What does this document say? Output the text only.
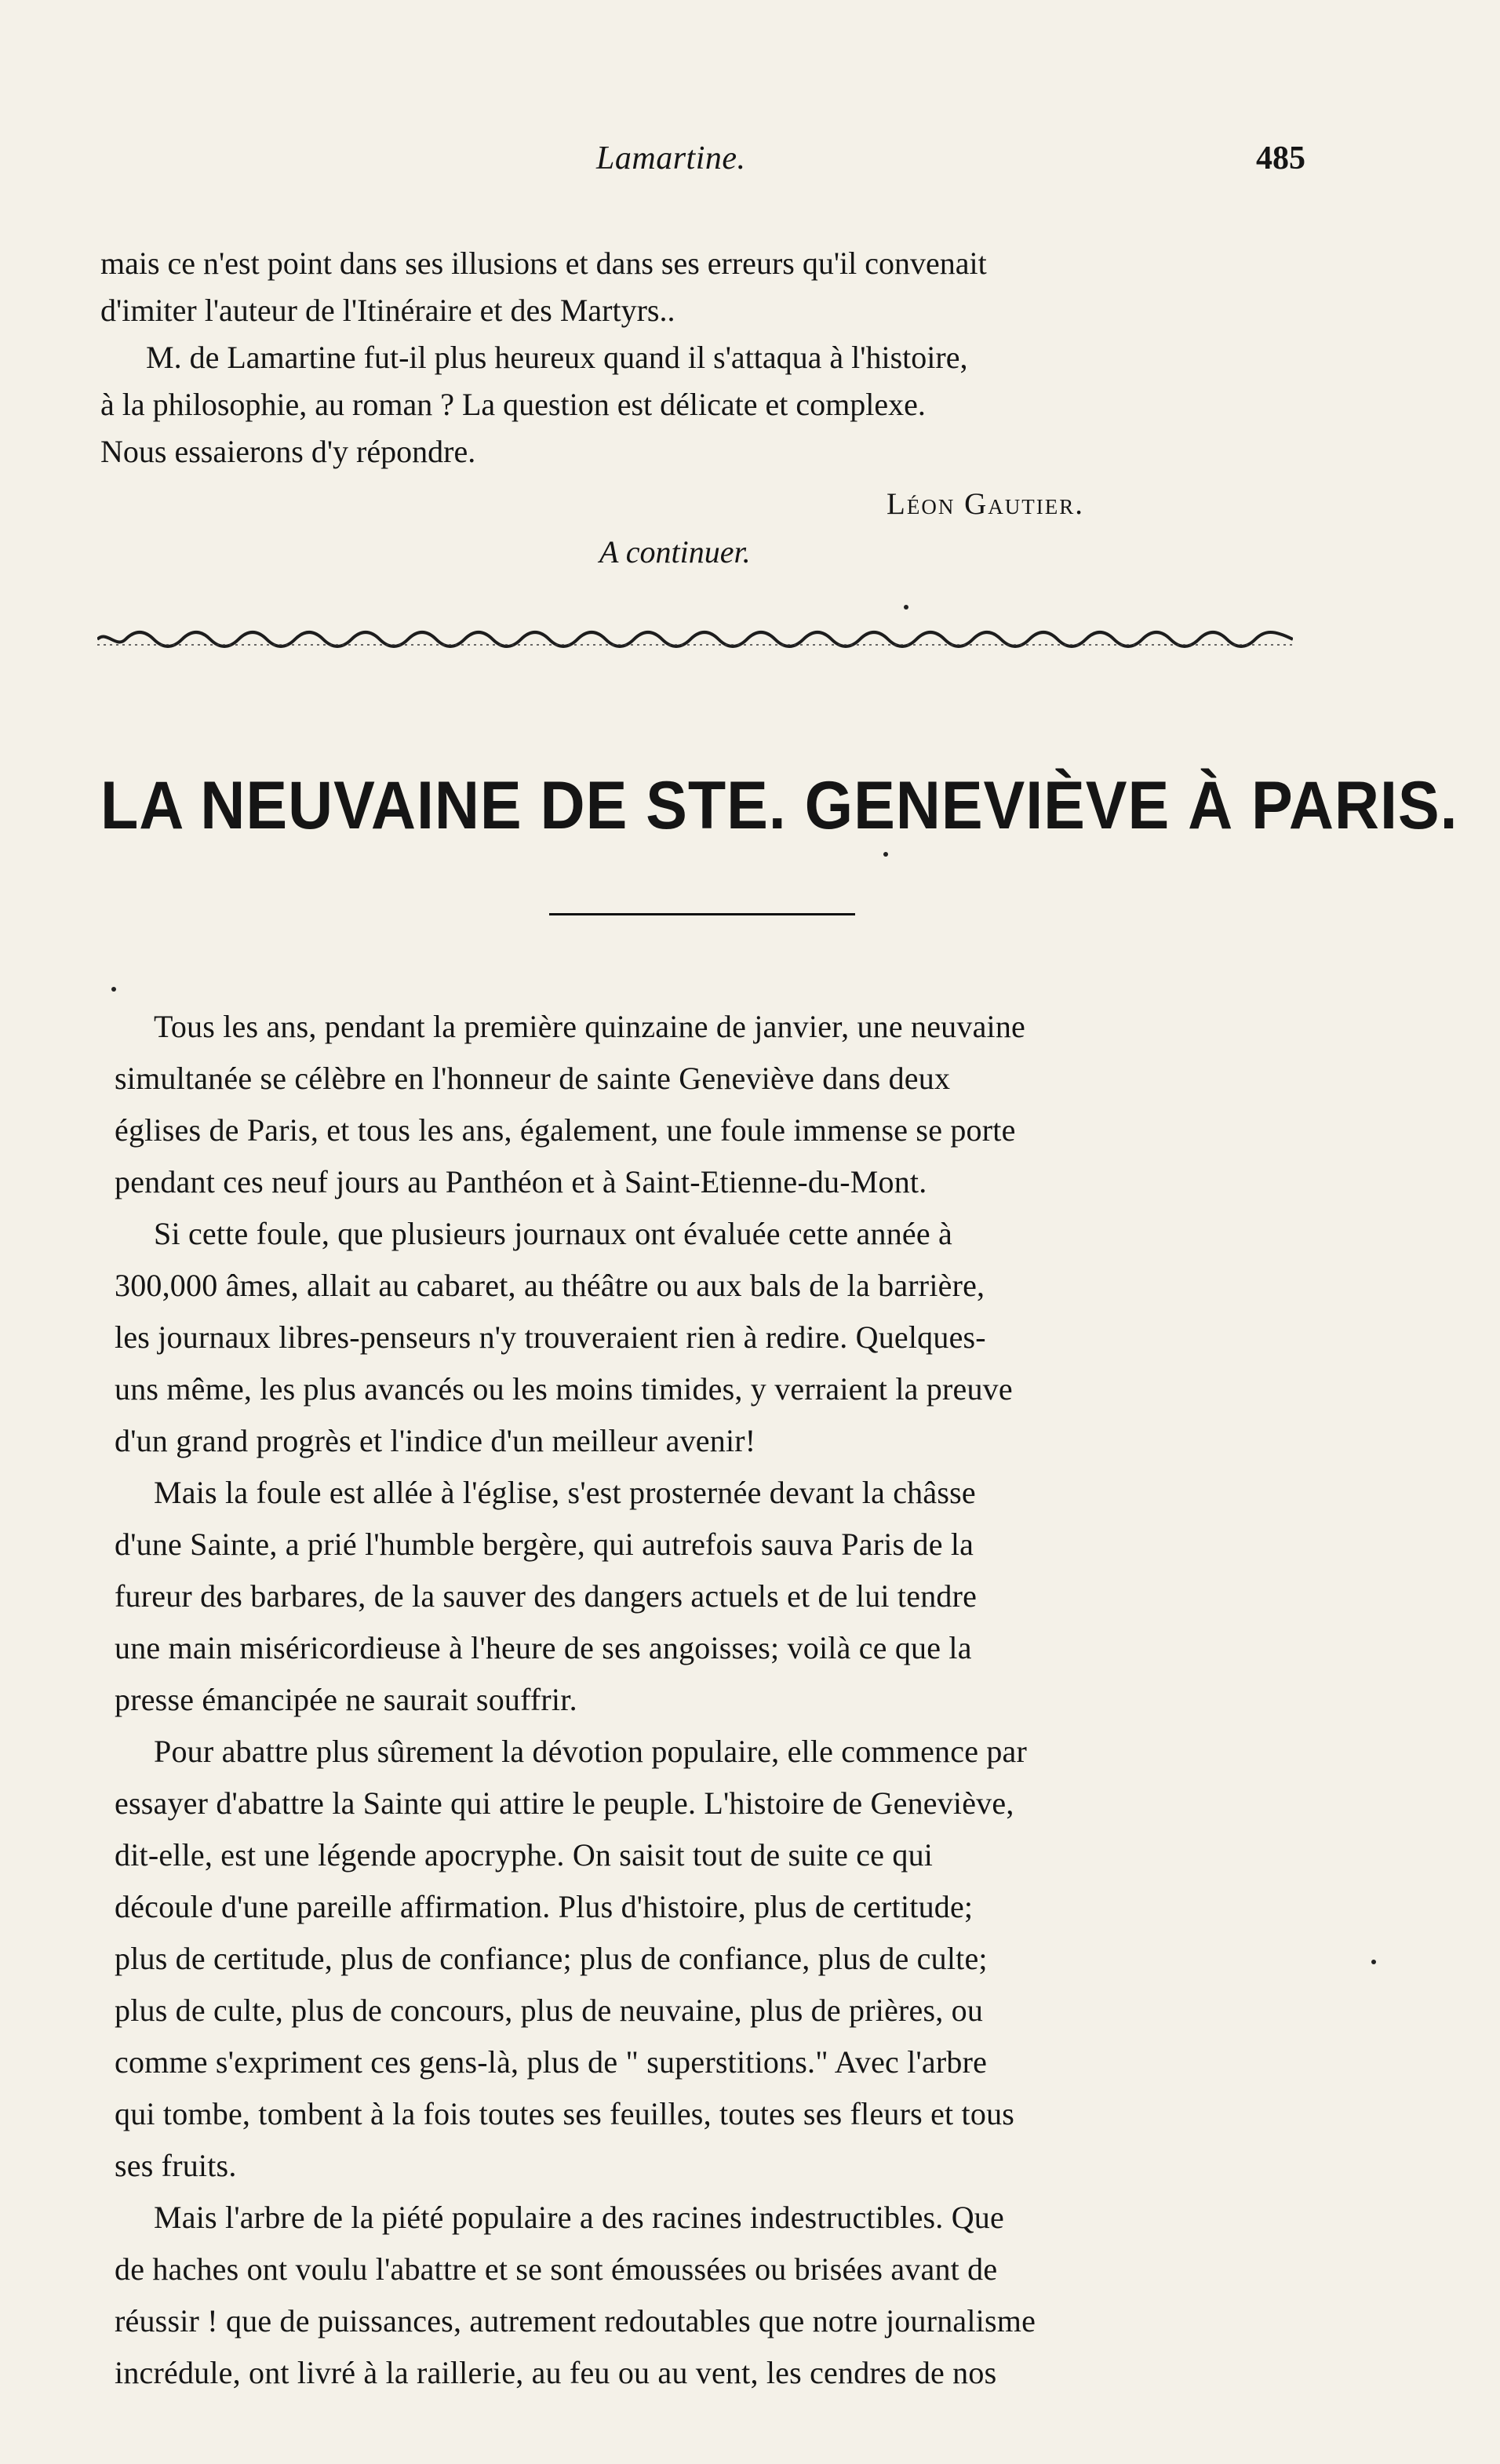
Lamartine.	485

mais ce n'est point dans ses illusions et dans ses erreurs qu'il convenait

d'imiter l'auteur de l'Itinéraire et des Martyrs..

M. de Lamartine fut-il plus heureux quand il s'attaqua à l'histoire,

à la philosophie, au roman ? La question est délicate et complexe.

Nous essaierons d'y répondre.

Léon Gautier.
A continuer.
LA NEUVAINE DE STE. GENEVIÈVE À PARIS.

Tous les ans, pendant la première quinzaine de janvier, une neuvaine
simultanée se célèbre en l'honneur de sainte Geneviève dans deux
églises de Paris, et tous les ans, également, une foule immense se porte
pendant ces neuf jours au Panthéon et à Saint-Etienne-du-Mont.

Si cette foule, que plusieurs journaux ont évaluée cette année à
300,000 âmes, allait au cabaret, au théâtre ou aux bals de la barrière,
les journaux libres-penseurs n'y trouveraient rien à redire. Quelques-
uns même, les plus avancés ou les moins timides, y verraient la preuve
d'un grand progrès et l'indice d'un meilleur avenir!

Mais la foule est allée à l'église, s'est prosternée devant la châsse
d'une Sainte, a prié l'humble bergère, qui autrefois sauva Paris de la
fureur des barbares, de la sauver des dangers actuels et de lui tendre
une main miséricordieuse à l'heure de ses angoisses; voilà ce que la
presse émancipée ne saurait souffrir.

Pour abattre plus sûrement la dévotion populaire, elle commence par
essayer d'abattre la Sainte qui attire le peuple. L'histoire de Geneviève,
dit-elle, est une légende apocryphe. On saisit tout de suite ce qui
découle d'une pareille affirmation. Plus d'histoire, plus de certitude;
plus de certitude, plus de confiance; plus de confiance, plus de culte;
plus de culte, plus de concours, plus de neuvaine, plus de prières, ou
comme s'expriment ces gens-là, plus de " superstitions." Avec l'arbre
qui tombe, tombent à la fois toutes ses feuilles, toutes ses fleurs et tous
ses fruits.

Mais l'arbre de la piété populaire a des racines indestructibles. Que
de haches ont voulu l'abattre et se sont émoussées ou brisées avant de
réussir ! que de puissances, autrement redoutables que notre journalisme
incrédule, ont livré à la raillerie, au feu ou au vent, les cendres de nos
